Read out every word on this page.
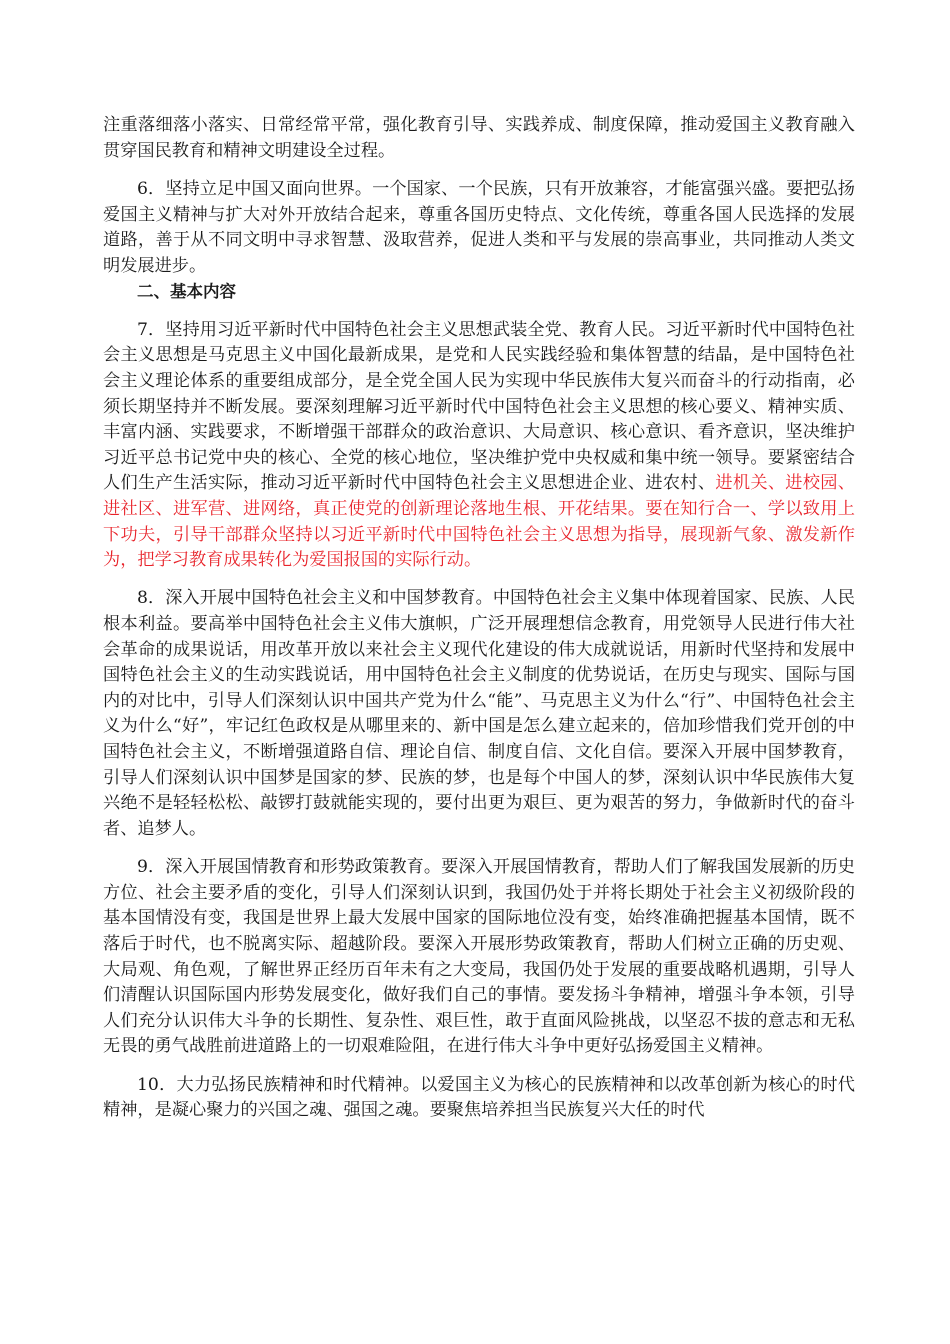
注重落细落小落实、日常经常平常，强化教育引导、实践养成、制度保障，推动爱国主义教育融入贯穿国民教育和精神文明建设全过程。

6．坚持立足中国又面向世界。一个国家、一个民族，只有开放兼容，才能富强兴盛。要把弘扬爱国主义精神与扩大对外开放结合起来，尊重各国历史特点、文化传统，尊重各国人民选择的发展道路，善于从不同文明中寻求智慧、汲取营养，促进人类和平与发展的崇高事业，共同推动人类文明发展进步。

二、基本内容

7．坚持用习近平新时代中国特色社会主义思想武装全党、教育人民。习近平新时代中国特色社会主义思想是马克思主义中国化最新成果，是党和人民实践经验和集体智慧的结晶，是中国特色社会主义理论体系的重要组成部分，是全党全国人民为实现中华民族伟大复兴而奋斗的行动指南，必须长期坚持并不断发展。要深刻理解习近平新时代中国特色社会主义思想的核心要义、精神实质、丰富内涵、实践要求，不断增强干部群众的政治意识、大局意识、核心意识、看齐意识，坚决维护习近平总书记党中央的核心、全党的核心地位，坚决维护党中央权威和集中统一领导。要紧密结合人们生产生活实际，推动习近平新时代中国特色社会主义思想进企业、进农村、进机关、进校园、进社区、进军营、进网络，真正使党的创新理论落地生根、开花结果。要在知行合一、学以致用上下功夫，引导干部群众坚持以习近平新时代中国特色社会主义思想为指导，展现新气象、激发新作为，把学习教育成果转化为爱国报国的实际行动。

8．深入开展中国特色社会主义和中国梦教育。中国特色社会主义集中体现着国家、民族、人民根本利益。要高举中国特色社会主义伟大旗帜，广泛开展理想信念教育，用党领导人民进行伟大社会革命的成果说话，用改革开放以来社会主义现代化建设的伟大成就说话，用新时代坚持和发展中国特色社会主义的生动实践说话，用中国特色社会主义制度的优势说话，在历史与现实、国际与国内的对比中，引导人们深刻认识中国共产党为什么“能”、马克思主义为什么“行”、中国特色社会主义为什么“好”，牢记红色政权是从哪里来的、新中国是怎么建立起来的，倍加珍惜我们党开创的中国特色社会主义，不断增强道路自信、理论自信、制度自信、文化自信。要深入开展中国梦教育，引导人们深刻认识中国梦是国家的梦、民族的梦，也是每个中国人的梦，深刻认识中华民族伟大复兴绝不是轻轻松松、敲锣打鼓就能实现的，要付出更为艰巨、更为艰苦的努力，争做新时代的奋斗者、追梦人。

9．深入开展国情教育和形势政策教育。要深入开展国情教育，帮助人们了解我国发展新的历史方位、社会主要矛盾的变化，引导人们深刻认识到，我国仍处于并将长期处于社会主义初级阶段的基本国情没有变，我国是世界上最大发展中国家的国际地位没有变，始终准确把握基本国情，既不落后于时代，也不脱离实际、超越阶段。要深入开展形势政策教育，帮助人们树立正确的历史观、大局观、角色观，了解世界正经历百年未有之大变局，我国仍处于发展的重要战略机遇期，引导人们清醒认识国际国内形势发展变化，做好我们自己的事情。要发扬斗争精神，增强斗争本领，引导人们充分认识伟大斗争的长期性、复杂性、艰巨性，敢于直面风险挑战，以坚忍不拔的意志和无私无畏的勇气战胜前进道路上的一切艰难险阻，在进行伟大斗争中更好弘扬爱国主义精神。

10．大力弘扬民族精神和时代精神。以爱国主义为核心的民族精神和以改革创新为核心的时代精神，是凝心聚力的兴国之魂、强国之魂。要聚焦培养担当民族复兴大任的时代
